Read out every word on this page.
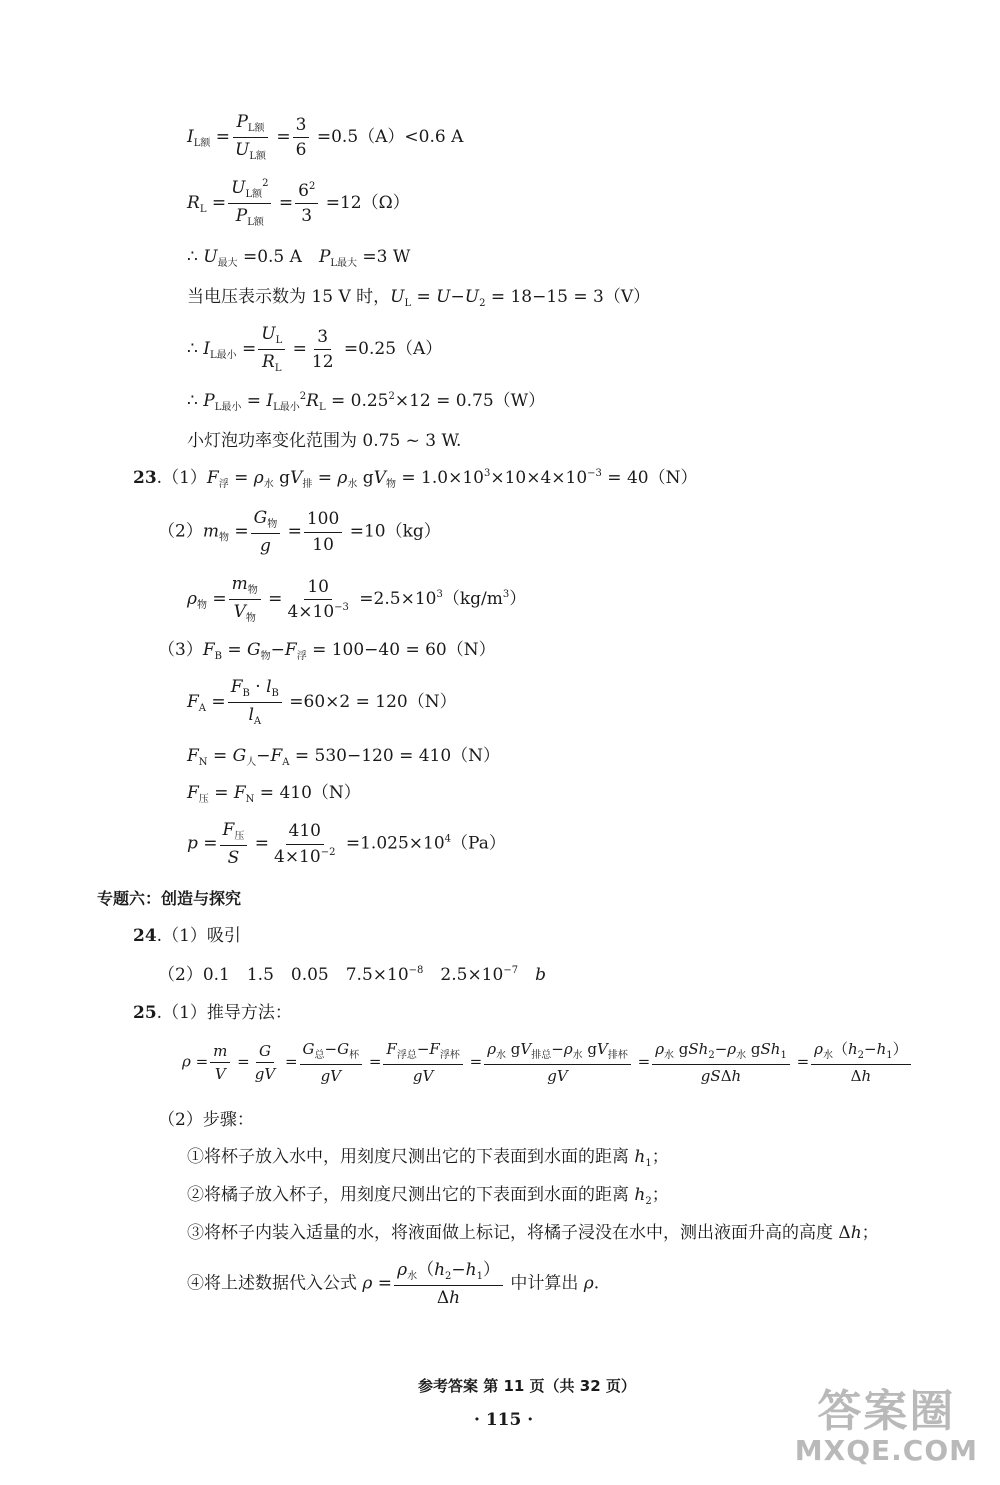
$I_{L额} = \frac{P_{L额}}{U_{L额}} = \frac{3}{6} =0.5(A)<0.6$ A
$R_L = \frac{U_{L额}^2}{P_{L额}} = \frac{6^2}{3} =12(\Omega)$
∴ $U_{最大} =0.5$ A　$P_{L最大} =3$ W
当电压表示数为 15 V 时，$U_L = U-U_2 = 18-15 = 3(V)$
∴ $I_{L最小} = \frac{U_L}{R_L} = \frac{3}{12} =0.25(A)$
∴ $P_{L最小} = I_{L最小}^2R_L = 0.25^2\times 12 = 0.75(W)$
小灯泡功率变化范围为 0.75 ~ 3 W.
$23.(1)F_浮 = \rho_水$ $gV_排 = \rho_水$ $gV_物 = 1.0\times 10^3\times 10\times 4\times 10^{-3} = 40(N)$
$(2)m_物 = \frac{G_物}{g} = \frac{100}{10} =10(kg)$
$\rho_物 = \frac{m_物}{V_物} = \frac{10}{4\times 10^{-3}} =2.5\times 10^3(kg/m^3)$
$(3)F_B = G_物-F_浮 = 100-40 = 60(N)$
$F_A = \frac{F_B \cdot l_B}{l_A} =60\times 2 = 120(N)$
$F_N = G_人-F_A = 530-120 = 410(N)$
$F_压 = F_N = 410(N)$
$p = \frac{F_压}{S} = \frac{410}{4\times 10^{-2}} =1.025\times 10^4(Pa)$
专题六：创造与探究
24.（1）吸引
（2）0.1　1.5　0.05　$7.5\times 10^{-8}$　$2.5\times 10^{-7}$　 b
25.（1）推导方法：
$\rho = \frac{m}{V} = \frac{G}{gV} = \frac{G_总-G_杯}{gV} = \frac{F_{浮总}-F_{浮杯}}{gV} = \frac{\rho_水 gV_{排总}-\rho_水 gV_{排杯}}{gV} = \frac{\rho_水 gSh_2-\rho_水 gSh_1}{\text{gSΔh}} = \frac{\rho_水(h_2-h_1)}{\Delta h}$
（2）步骤：
①将杯子放入水中，用刻度尺测出它的下表面到水面的距离 $h_1$；
②将橘子放入杯子，用刻度尺测出它的下表面到水面的距离 $h_2$；
③将杯子内装入适量的水，将液面做上标记，将橘子浸没在水中，测出液面升高的高度 Δh；
④将上述数据代入公式 $\rho = \frac{\rho_水(h_2-h_1)}{\Delta h}$ 中计算出 ρ.
参考答案 第 11 页（共 32 页）
· 115 ·	答案圈
MXQE.COM
